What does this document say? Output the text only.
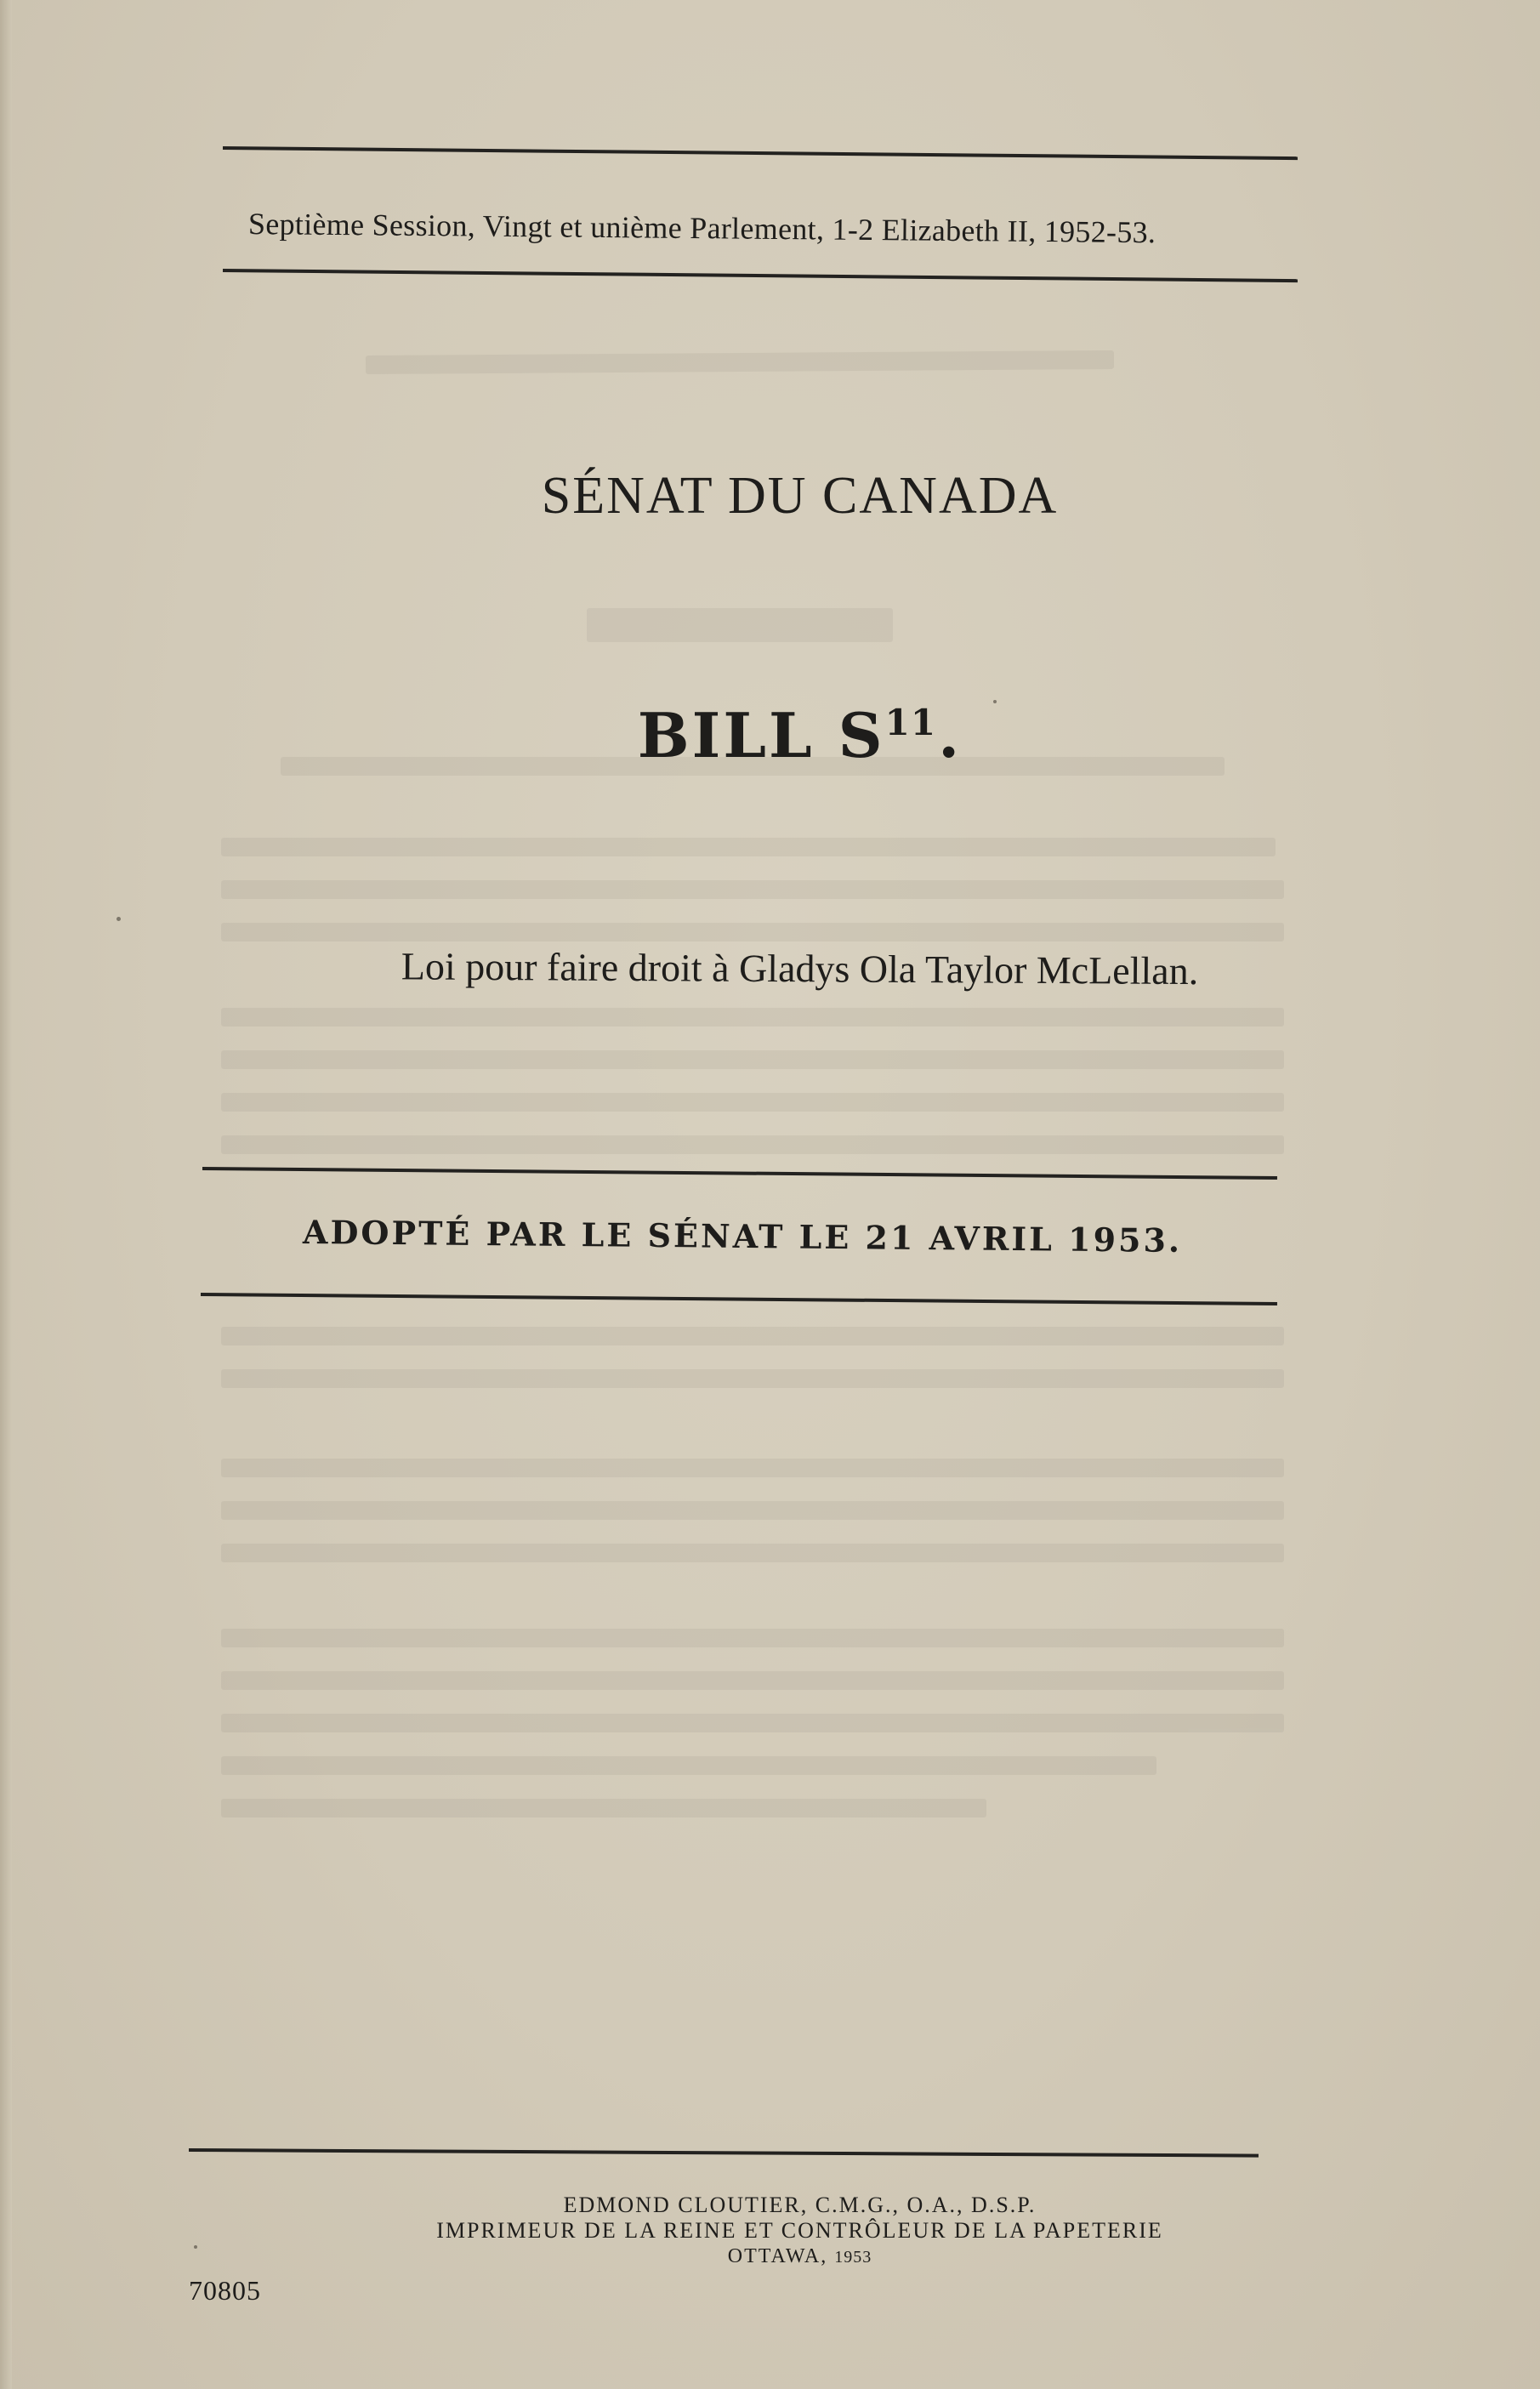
Septième Session, Vingt et unième Parlement, 1-2 Elizabeth II, 1952-53.
SÉNAT DU CANADA
BILL $S^{11}$.
Loi pour faire droit à Gladys Ola Taylor McLellan.
ADOPTÉ PAR LE SÉNAT LE 21 AVRIL 1953.
EDMOND CLOUTIER, C.M.G., O.A., D.S.P.
IMPRIMEUR DE LA REINE ET CONTRÔLEUR DE LA PAPETERIE
OTTAWA, 1953
70805
